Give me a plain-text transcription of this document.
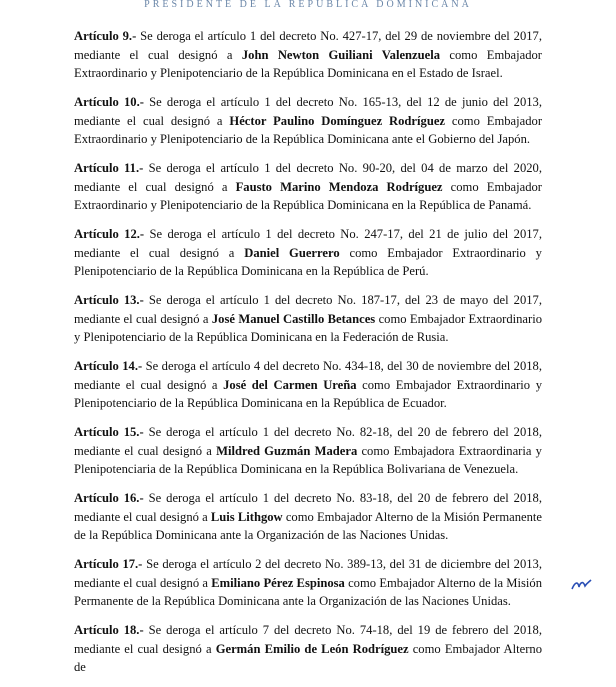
PRESIDENTE DE LA REPÚBLICA DOMINICANA

Artículo 9.- Se deroga el artículo 1 del decreto No. 427-17, del 29 de noviembre del 2017, mediante el cual designó a John Newton Guiliani Valenzuela como Embajador Extraordinario y Plenipotenciario de la República Dominicana en el Estado de Israel.

Artículo 10.- Se deroga el artículo 1 del decreto No. 165-13, del 12 de junio del 2013, mediante el cual designó a Héctor Paulino Domínguez Rodríguez como Embajador Extraordinario y Plenipotenciario de la República Dominicana ante el Gobierno del Japón.

Artículo 11.- Se deroga el artículo 1 del decreto No. 90-20, del 04 de marzo del 2020, mediante el cual designó a Fausto Marino Mendoza Rodríguez como Embajador Extraordinario y Plenipotenciario de la República Dominicana en la República de Panamá.

Artículo 12.- Se deroga el artículo 1 del decreto No. 247-17, del 21 de julio del 2017, mediante el cual designó a Daniel Guerrero como Embajador Extraordinario y Plenipotenciario de la República Dominicana en la República de Perú.

Artículo 13.- Se deroga el artículo 1 del decreto No. 187-17, del 23 de mayo del 2017, mediante el cual designó a José Manuel Castillo Betances como Embajador Extraordinario y Plenipotenciario de la República Dominicana en la Federación de Rusia.

Artículo 14.- Se deroga el artículo 4 del decreto No. 434-18, del 30 de noviembre del 2018, mediante el cual designó a José del Carmen Ureña como Embajador Extraordinario y Plenipotenciario de la República Dominicana en la República de Ecuador.

Artículo 15.- Se deroga el artículo 1 del decreto No. 82-18, del 20 de febrero del 2018, mediante el cual designó a Mildred Guzmán Madera como Embajadora Extraordinaria y Plenipotenciaria de la República Dominicana en la República Bolivariana de Venezuela.

Artículo 16.- Se deroga el artículo 1 del decreto No. 83-18, del 20 de febrero del 2018, mediante el cual designó a Luis Lithgow como Embajador Alterno de la Misión Permanente de la República Dominicana ante la Organización de las Naciones Unidas.

Artículo 17.- Se deroga el artículo 2 del decreto No. 389-13, del 31 de diciembre del 2013, mediante el cual designó a Emiliano Pérez Espinosa como Embajador Alterno de la Misión Permanente de la República Dominicana ante la Organización de las Naciones Unidas.

Artículo 18.- Se deroga el artículo 7 del decreto No. 74-18, del 19 de febrero del 2018, mediante el cual designó a Germán Emilio de León Rodríguez como Embajador Alterno de
